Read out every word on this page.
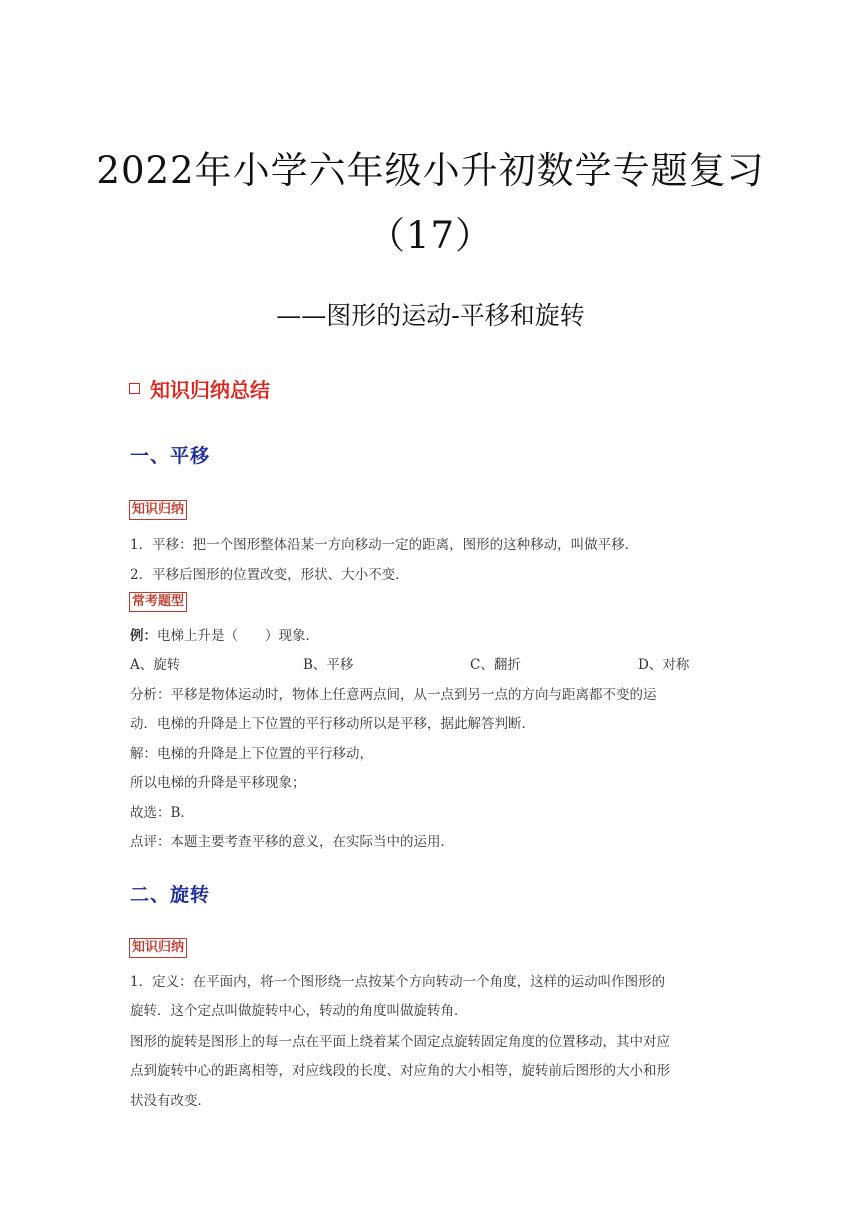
2022年小学六年级小升初数学专题复习
（17）
——图形的运动-平移和旋转
知识归纳总结
一、平移
知识归纳
1．平移：把一个图形整体沿某一方向移动一定的距离，图形的这种移动，叫做平移．
2．平移后图形的位置改变，形状、大小不变．
常考题型
例：电梯上升是（　　）现象．
A、旋转	B、平移	C、翻折	D、对称
分析：平移是物体运动时，物体上任意两点间，从一点到另一点的方向与距离都不变的运
动．电梯的升降是上下位置的平行移动所以是平移，据此解答判断．
解：电梯的升降是上下位置的平行移动，
所以电梯的升降是平移现象；
故选：B．
点评：本题主要考查平移的意义，在实际当中的运用．
二、旋转
知识归纳
1．定义：在平面内，将一个图形绕一点按某个方向转动一个角度，这样的运动叫作图形的
旋转．这个定点叫做旋转中心，转动的角度叫做旋转角．
图形的旋转是图形上的每一点在平面上绕着某个固定点旋转固定角度的位置移动，其中对应
点到旋转中心的距离相等，对应线段的长度、对应角的大小相等，旋转前后图形的大小和形
状没有改变．
